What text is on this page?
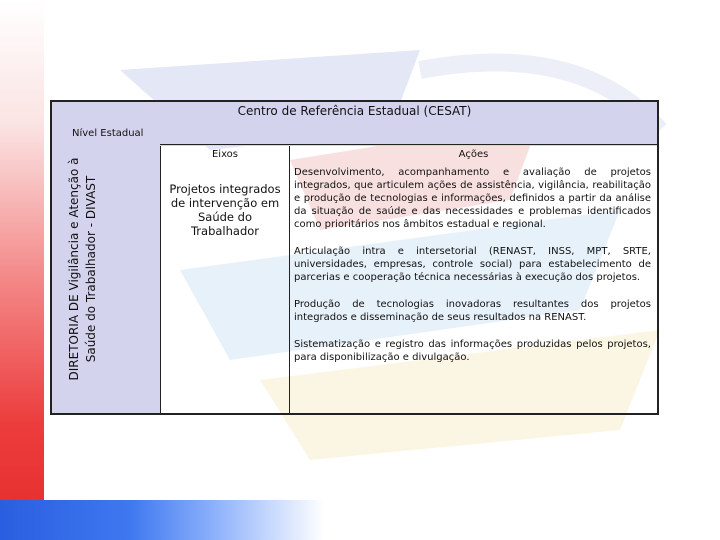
Centro de Referência Estadual (CESAT)
Nível Estadual
DIRETORIA DE Vigilância e Atenção à Saúde do Trabalhador - DIVAST
Eixos
Projetos integrados de intervenção em Saúde do Trabalhador
Ações

Desenvolvimento, acompanhamento e avaliação de projetos integrados, que articulem ações de assistência, vigilância, reabilitação e produção de tecnologias e informações, definidos a partir da análise da situação de saúde e das necessidades e problemas identificados como prioritários nos âmbitos estadual e regional.

Articulação intra e intersetorial (RENAST, INSS, MPT, SRTE, universidades, empresas, controle social) para estabelecimento de parcerias e cooperação técnica necessárias à execução dos projetos.

Produção de tecnologias inovadoras resultantes dos projetos integrados e disseminação de seus resultados na RENAST.

Sistematização e registro das informações produzidas pelos projetos, para disponibilização e divulgação.
